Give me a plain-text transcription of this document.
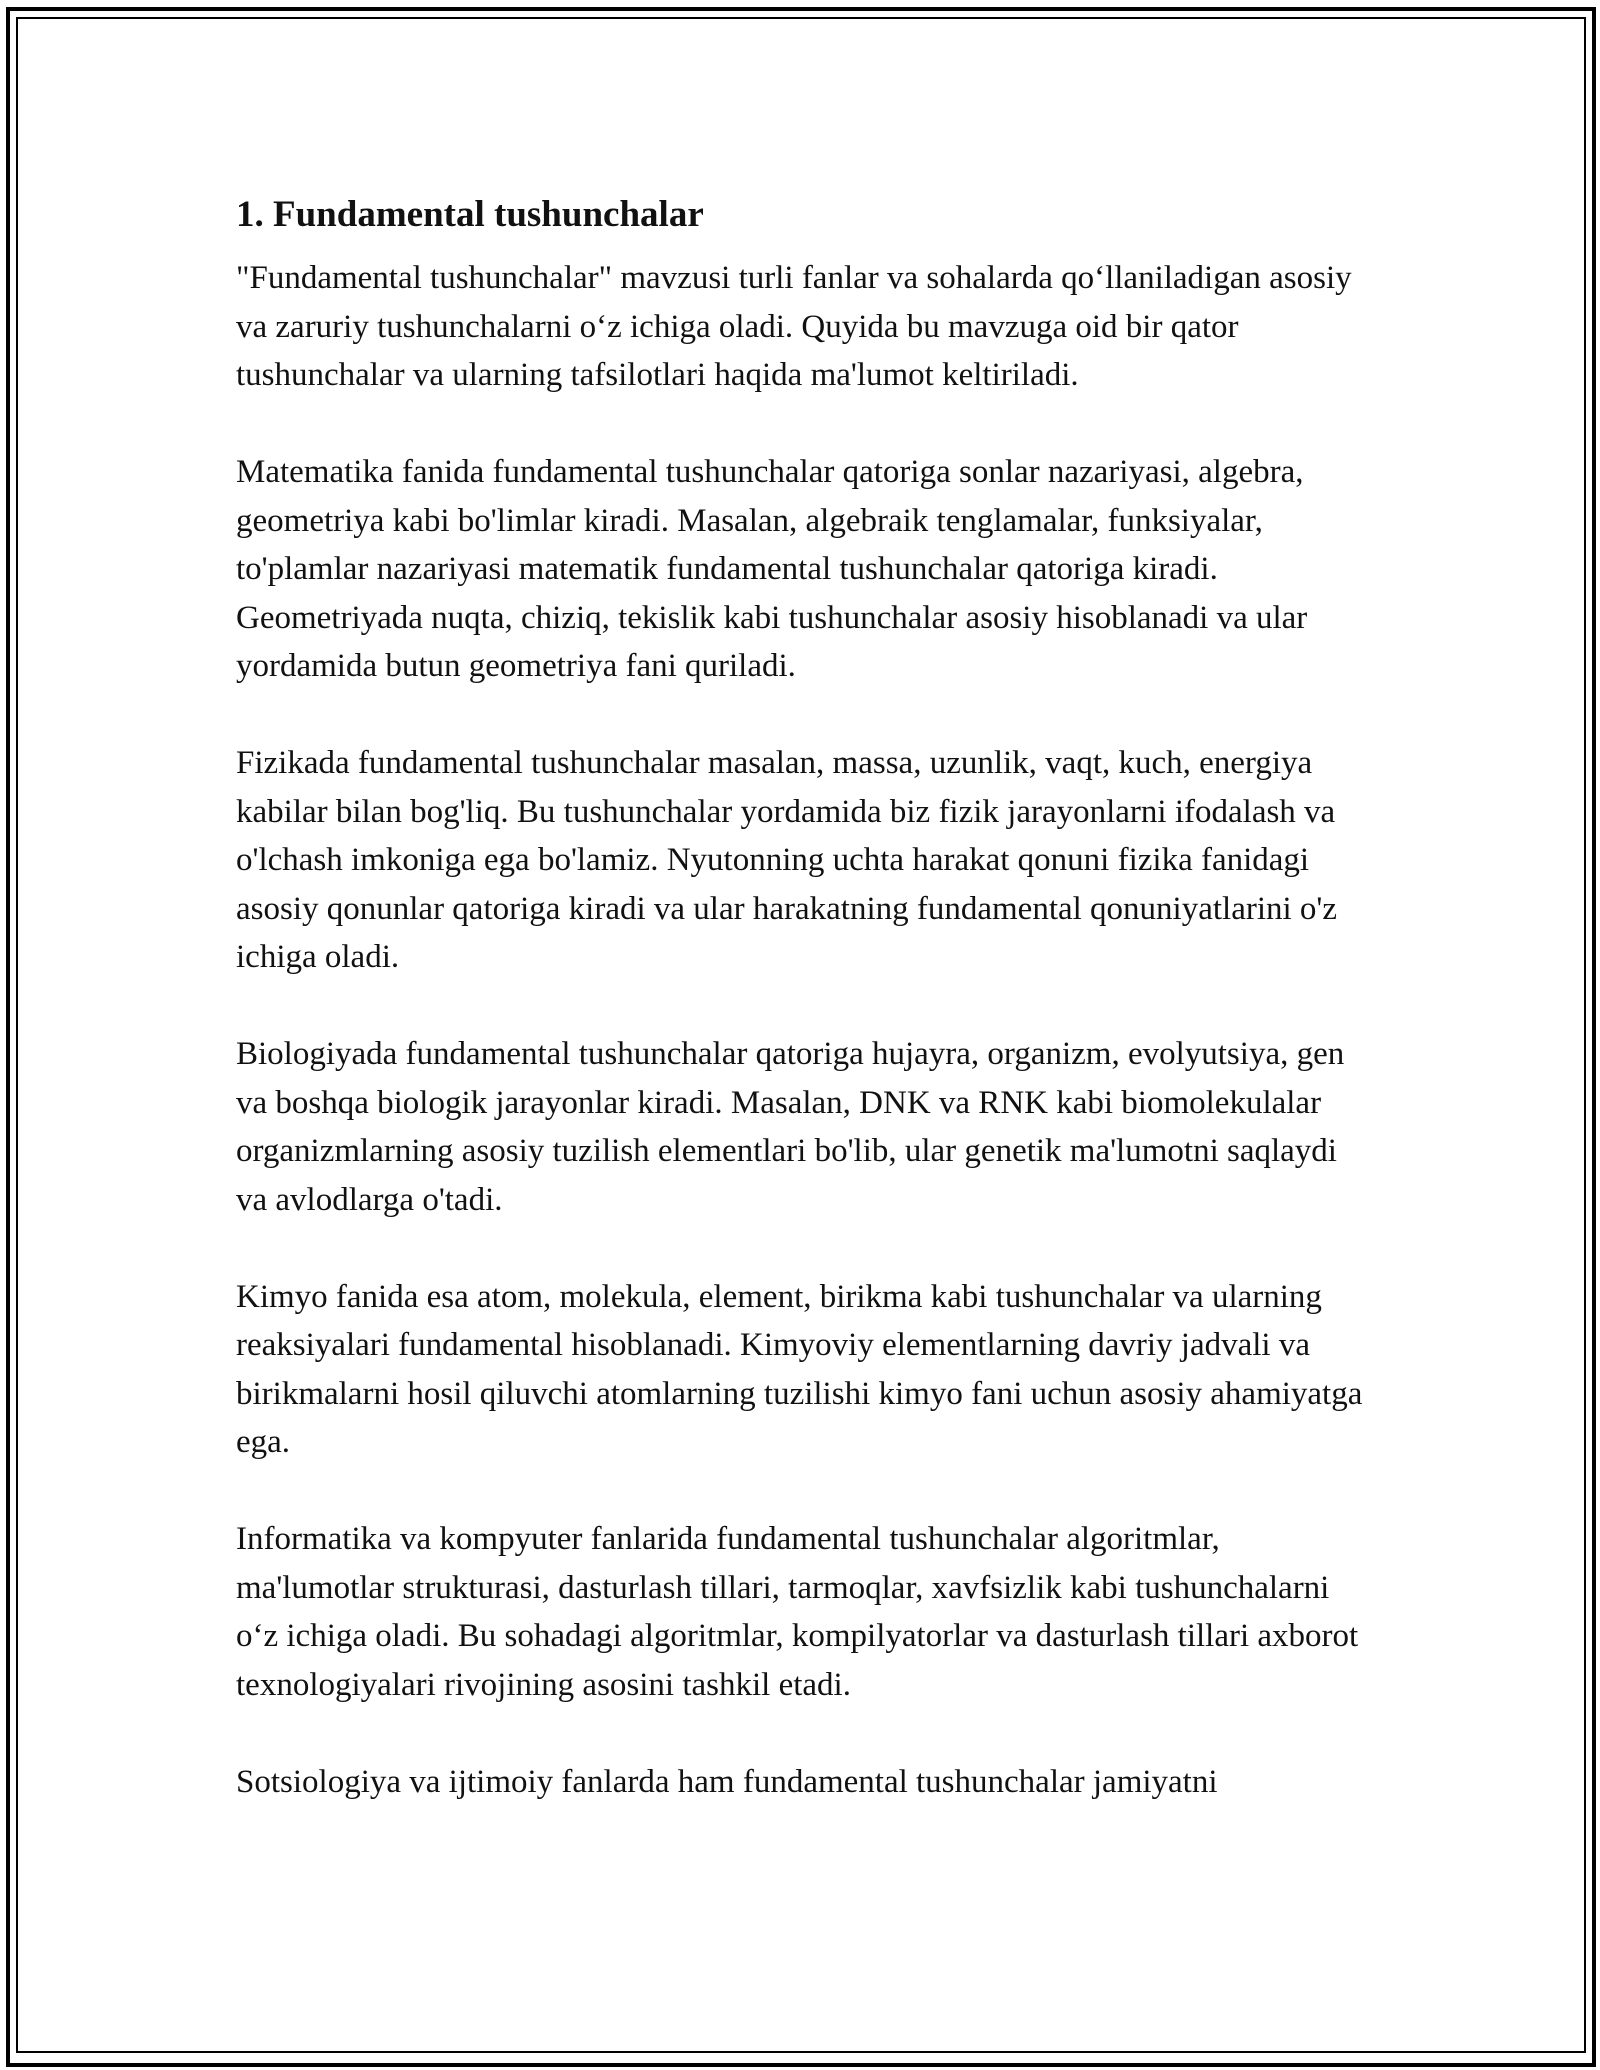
1. Fundamental tushunchalar

"Fundamental tushunchalar" mavzusi turli fanlar va sohalarda qo‘llaniladigan asosiy va zaruriy tushunchalarni o‘z ichiga oladi. Quyida bu mavzuga oid bir qator tushunchalar va ularning tafsilotlari haqida ma'lumot keltiriladi.

Matematika fanida fundamental tushunchalar qatoriga sonlar nazariyasi, algebra, geometriya kabi bo'limlar kiradi. Masalan, algebraik tenglamalar, funksiyalar, to'plamlar nazariyasi matematik fundamental tushunchalar qatoriga kiradi. Geometriyada nuqta, chiziq, tekislik kabi tushunchalar asosiy hisoblanadi va ular yordamida butun geometriya fani quriladi.

Fizikada fundamental tushunchalar masalan, massa, uzunlik, vaqt, kuch, energiya kabilar bilan bog'liq. Bu tushunchalar yordamida biz fizik jarayonlarni ifodalash va o'lchash imkoniga ega bo'lamiz. Nyutonning uchta harakat qonuni fizika fanidagi asosiy qonunlar qatoriga kiradi va ular harakatning fundamental qonuniyatlarini o'z ichiga oladi.

Biologiyada fundamental tushunchalar qatoriga hujayra, organizm, evolyutsiya, gen va boshqa biologik jarayonlar kiradi. Masalan, DNK va RNK kabi biomolekulalar organizmlarning asosiy tuzilish elementlari bo'lib, ular genetik ma'lumotni saqlaydi va avlodlarga o'tadi.

Kimyo fanida esa atom, molekula, element, birikma kabi tushunchalar va ularning reaksiyalari fundamental hisoblanadi. Kimyoviy elementlarning davriy jadvali va birikmalarni hosil qiluvchi atomlarning tuzilishi kimyo fani uchun asosiy ahamiyatga ega.

Informatika va kompyuter fanlarida fundamental tushunchalar algoritmlar, ma'lumotlar strukturasi, dasturlash tillari, tarmoqlar, xavfsizlik kabi tushunchalarni o‘z ichiga oladi. Bu sohadagi algoritmlar, kompilyatorlar va dasturlash tillari axborot texnologiyalari rivojining asosini tashkil etadi.

Sotsiologiya va ijtimoiy fanlarda ham fundamental tushunchalar jamiyatni
